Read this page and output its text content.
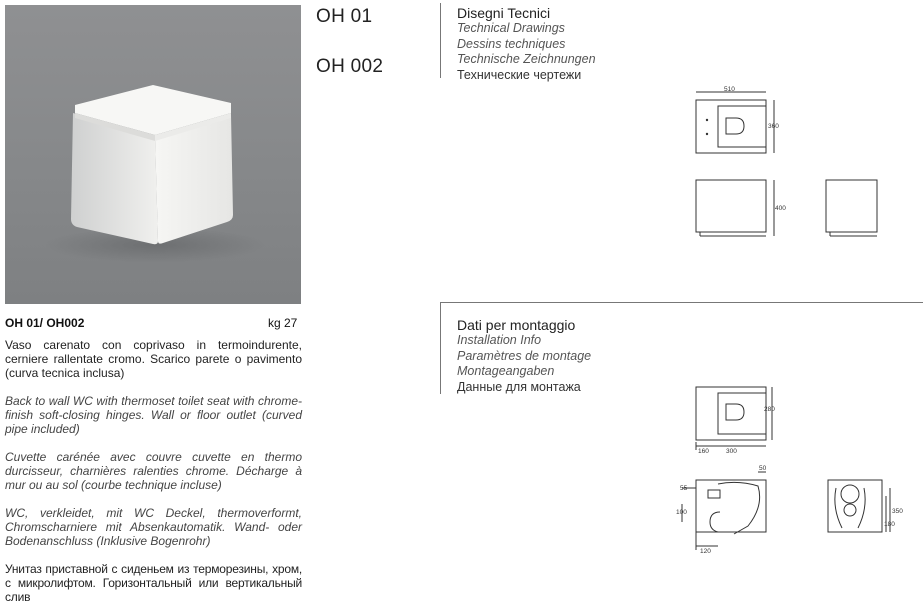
OH 01
OH 002
Disegni Tecnici
Technical Drawings
Dessins techniques
Technische Zeichnungen
Технические чертежи
510
360
400
Dati per montaggio
Installation Info
Paramètres de montage
Montageangaben
Данные для монтажа
280
160	300
50
55
100
120
180
350
OH 01/ OH002	kg 27
Vaso carenato con coprivaso in termoindurente, cerniere rallentate cromo. Scarico parete o pavimento (curva tecnica inclusa)
Back to wall WC with thermoset toilet seat with chrome-finish soft-closing hinges. Wall or floor outlet (curved pipe included)
Cuvette carénée avec couvre cuvette en thermo durcisseur, charnières ralenties chrome. Décharge à mur ou au sol (courbe technique incluse)
WC, verkleidet, mit WC Deckel, thermoverformt, Chromscharniere mit Absenkautomatik. Wand- oder Bodenanschluss (Inklusive Bogenrohr)
Унитаз приставной с сиденьем из терморезины, хром, с микролифтом. Горизонтальный или вертикальный слив
